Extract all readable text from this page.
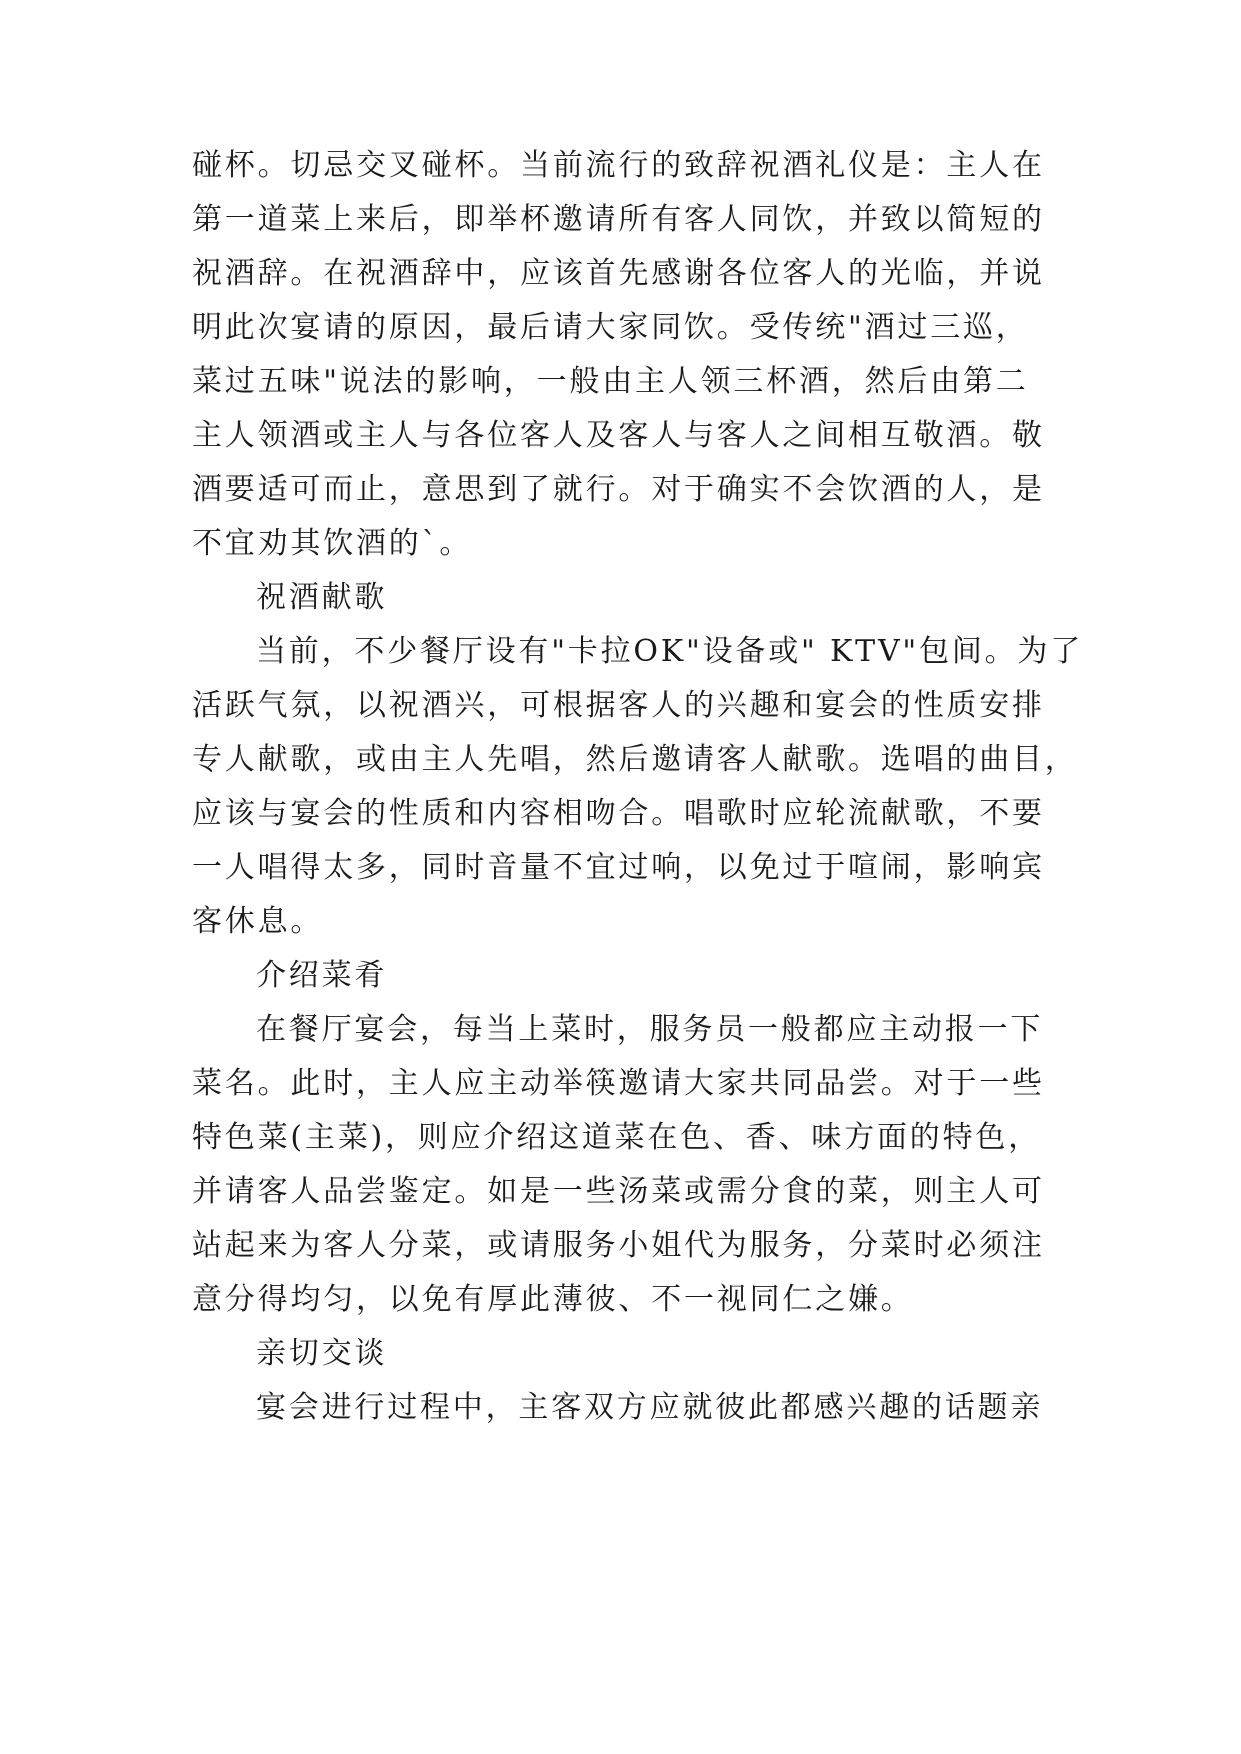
碰杯。切忌交叉碰杯。当前流行的致辞祝酒礼仪是：主人在
第一道菜上来后，即举杯邀请所有客人同饮，并致以简短的
祝酒辞。在祝酒辞中，应该首先感谢各位客人的光临，并说
明此次宴请的原因，最后请大家同饮。受传统"酒过三巡，
菜过五味"说法的影响，一般由主人领三杯酒，然后由第二
主人领酒或主人与各位客人及客人与客人之间相互敬酒。敬
酒要适可而止，意思到了就行。对于确实不会饮酒的人，是
不宜劝其饮酒的`。
祝酒献歌
当前，不少餐厅设有"卡拉OK"设备或" KTV"包间。为了
活跃气氛，以祝酒兴，可根据客人的兴趣和宴会的性质安排
专人献歌，或由主人先唱，然后邀请客人献歌。选唱的曲目，
应该与宴会的性质和内容相吻合。唱歌时应轮流献歌，不要
一人唱得太多，同时音量不宜过响，以免过于喧闹，影响宾
客休息。
介绍菜肴
在餐厅宴会，每当上菜时，服务员一般都应主动报一下
菜名。此时，主人应主动举筷邀请大家共同品尝。对于一些
特色菜(主菜)，则应介绍这道菜在色、香、味方面的特色，
并请客人品尝鉴定。如是一些汤菜或需分食的菜，则主人可
站起来为客人分菜，或请服务小姐代为服务，分菜时必须注
意分得均匀，以免有厚此薄彼、不一视同仁之嫌。
亲切交谈
宴会进行过程中，主客双方应就彼此都感兴趣的话题亲
